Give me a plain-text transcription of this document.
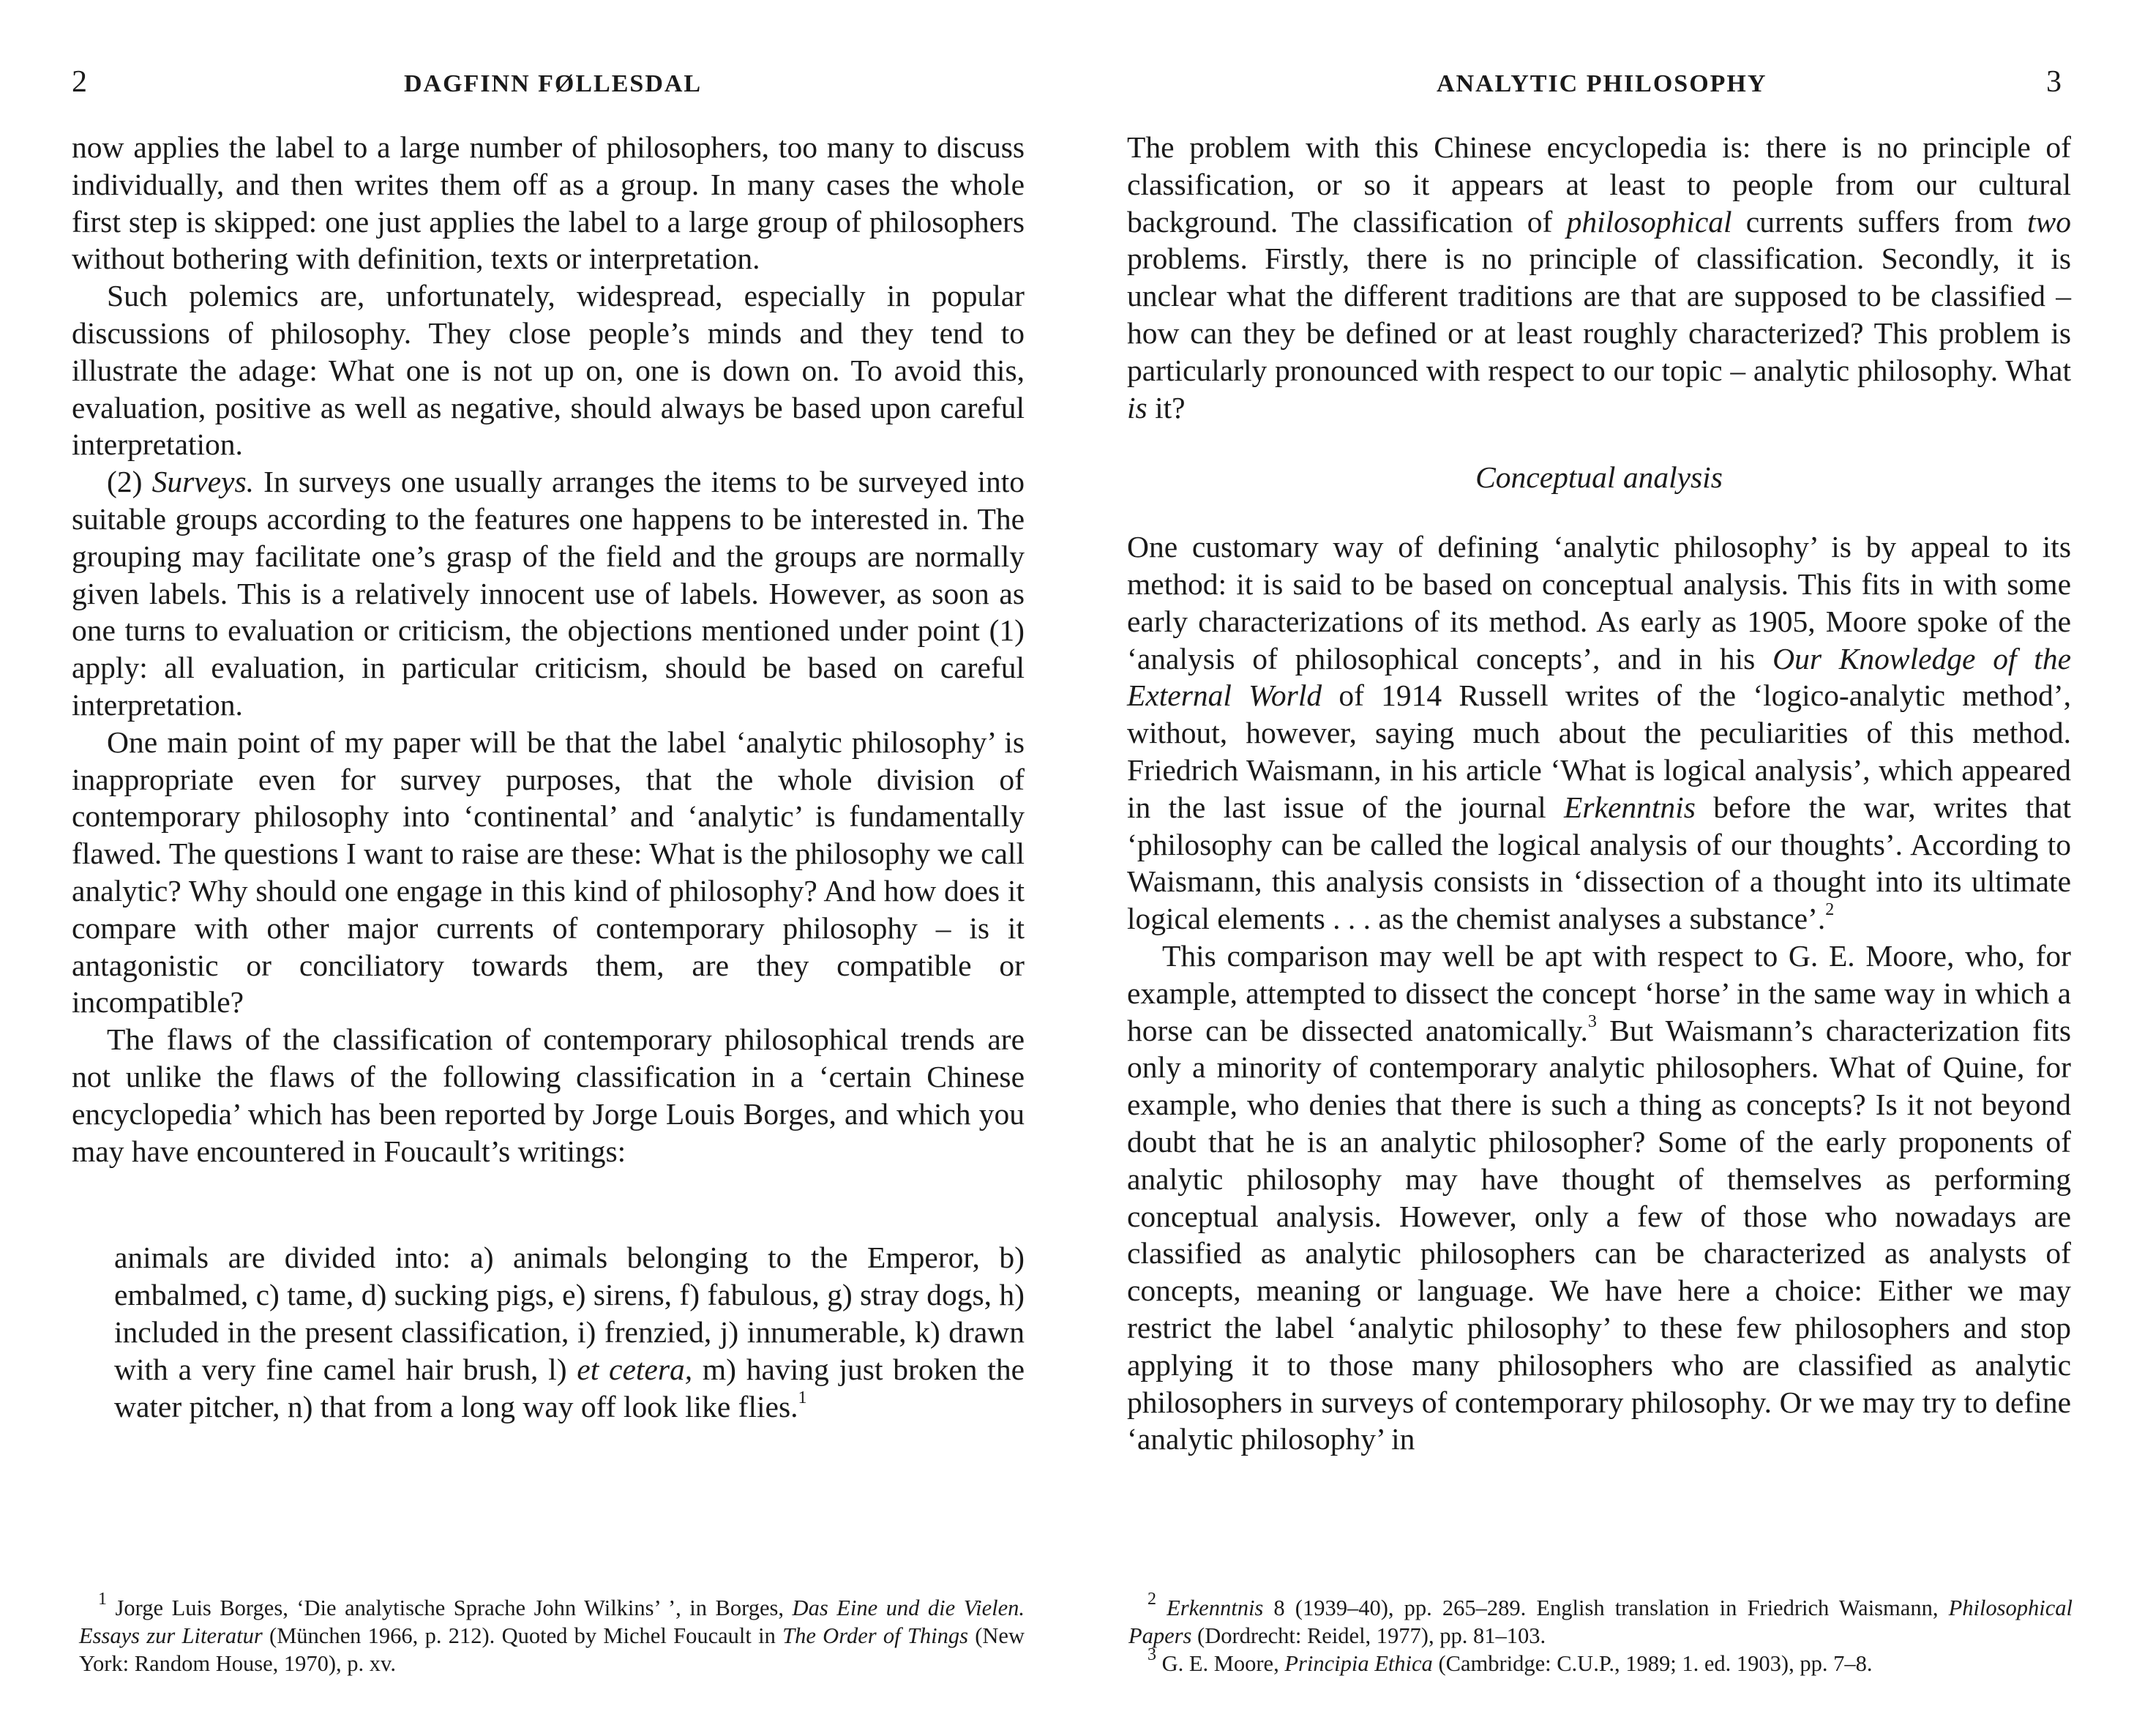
2	DAGFINN FØLLESDAL

now applies the label to a large number of philosophers, too many to discuss individually, and then writes them off as a group. In many cases the whole first step is skipped: one just applies the label to a large group of philosophers without bothering with definition, texts or interpretation.

Such polemics are, unfortunately, widespread, especially in popular discussions of philosophy. They close people’s minds and they tend to illustrate the adage: What one is not up on, one is down on. To avoid this, evaluation, positive as well as negative, should always be based upon careful interpretation.

(2) Surveys. In surveys one usually arranges the items to be surveyed into suitable groups according to the features one happens to be interested in. The grouping may facilitate one’s grasp of the field and the groups are normally given labels. This is a relatively innocent use of labels. However, as soon as one turns to evaluation or criticism, the objections mentioned under point (1) apply: all evaluation, in particular criticism, should be based on careful interpretation.

One main point of my paper will be that the label ‘analytic philosophy’ is inappropriate even for survey purposes, that the whole division of contemporary philosophy into ‘continental’ and ‘analytic’ is fundamentally flawed. The questions I want to raise are these: What is the philosophy we call analytic? Why should one engage in this kind of philosophy? And how does it compare with other major currents of contemporary philosophy – is it antagonistic or conciliatory towards them, are they compatible or incompatible?

The flaws of the classification of contemporary philosophical trends are not unlike the flaws of the following classification in a ‘certain Chinese encyclopedia’ which has been reported by Jorge Louis Borges, and which you may have encountered in Foucault’s writings:

animals are divided into: a) animals belonging to the Emperor, b) embalmed, c) tame, d) sucking pigs, e) sirens, f) fabulous, g) stray dogs, h) included in the present classification, i) frenzied, j) innumerable, k) drawn with a very fine camel hair brush, l) et cetera, m) having just broken the water pitcher, n) that from a long way off look like flies.$^1$

$^1$ Jorge Luis Borges, ‘Die analytische Sprache John Wilkins’ ’, in Borges, Das Eine und die Vielen. Essays zur Literatur (München 1966, p. 212). Quoted by Michel Foucault in The Order of Things (New York: Random House, 1970), p. xv.

ANALYTIC PHILOSOPHY	3

The problem with this Chinese encyclopedia is: there is no principle of classification, or so it appears at least to people from our cultural background. The classification of philosophical currents suffers from two problems. Firstly, there is no principle of classification. Secondly, it is unclear what the different traditions are that are supposed to be classified – how can they be defined or at least roughly characterized? This problem is particularly pronounced with respect to our topic – analytic philosophy. What is it?

Conceptual analysis

One customary way of defining ‘analytic philosophy’ is by appeal to its method: it is said to be based on conceptual analysis. This fits in with some early characterizations of its method. As early as 1905, Moore spoke of the ‘analysis of philosophical concepts’, and in his Our Knowledge of the External World of 1914 Russell writes of the ‘logico-analytic method’, without, however, saying much about the peculiarities of this method. Friedrich Waismann, in his article ‘What is logical analysis’, which appeared in the last issue of the journal Erkenntnis before the war, writes that ‘philosophy can be called the logical analysis of our thoughts’. According to Waismann, this analysis consists in ‘dissection of a thought into its ultimate logical elements . . . as the chemist analyses a substance’.$^2$

This comparison may well be apt with respect to G. E. Moore, who, for example, attempted to dissect the concept ‘horse’ in the same way in which a horse can be dissected anatomically.$^3$ But Waismann’s characterization fits only a minority of contemporary analytic philosophers. What of Quine, for example, who denies that there is such a thing as concepts? Is it not beyond doubt that he is an analytic philosopher? Some of the early proponents of analytic philosophy may have thought of themselves as performing conceptual analysis. However, only a few of those who nowadays are classified as analytic philosophers can be characterized as analysts of concepts, meaning or language. We have here a choice: Either we may restrict the label ‘analytic philosophy’ to these few philosophers and stop applying it to those many philosophers who are classified as analytic philosophers in surveys of contemporary philosophy. Or we may try to define ‘analytic philosophy’ in

$^2$ Erkenntnis 8 (1939–40), pp. 265–289. English translation in Friedrich Waismann, Philosophical Papers (Dordrecht: Reidel, 1977), pp. 81–103.

$^3$ G. E. Moore, Principia Ethica (Cambridge: C.U.P., 1989; 1. ed. 1903), pp. 7–8.
